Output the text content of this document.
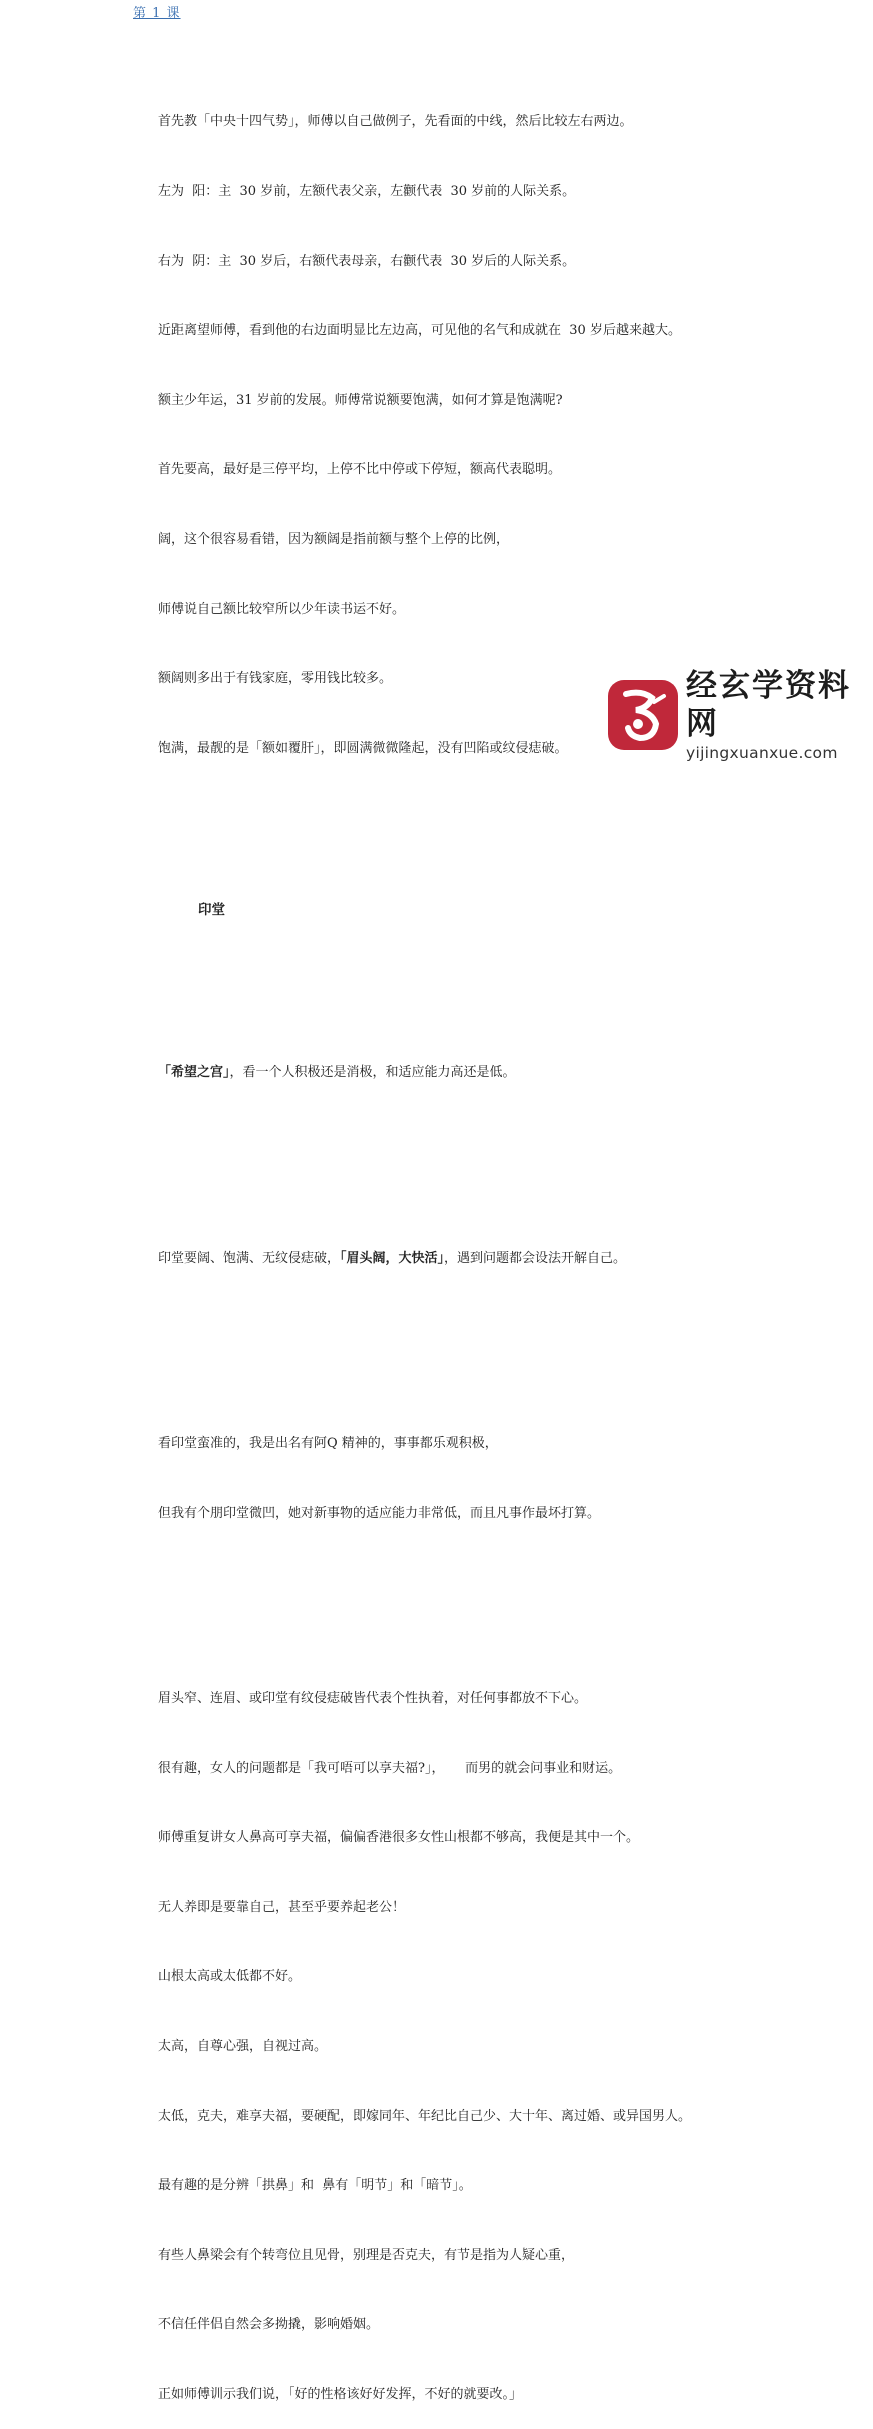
第 1 课

首先教「中央十四气势」，师傅以自己做例子，先看面的中线，然后比较左右两边。

左为  阳：主  30 岁前，左额代表父亲，左颧代表  30 岁前的人际关系。

右为  阴：主  30 岁后，右额代表母亲，右颧代表  30 岁后的人际关系。

近距离望师傅，看到他的右边面明显比左边高，可见他的名气和成就在  30 岁后越来越大。

额主少年运，31 岁前的发展。师傅常说额要饱满，如何才算是饱满呢?

首先要高，最好是三停平均，上停不比中停或下停短，额高代表聪明。

阔，这个很容易看错，因为额阔是指前额与整个上停的比例，

师傅说自己额比较窄所以少年读书运不好。

额阔则多出于有钱家庭，零用钱比较多。

饱满，最靓的是「额如覆肝」，即圆满微微隆起，没有凹陷或纹侵痣破。

印堂

「希望之宫」，看一个人积极还是消极，和适应能力高还是低。

印堂要阔、饱满、无纹侵痣破，「眉头阔，大快活」，遇到问题都会设法开解自己。

看印堂蛮准的，我是出名有阿Q 精神的，事事都乐观积极，

但我有个朋印堂微凹，她对新事物的适应能力非常低，而且凡事作最坏打算。

眉头窄、连眉、或印堂有纹侵痣破皆代表个性执着，对任何事都放不下心。

很有趣，女人的问题都是「我可唔可以享夫福?」，     而男的就会问事业和财运。

师傅重复讲女人鼻高可享夫福，偏偏香港很多女性山根都不够高，我便是其中一个。

无人养即是要靠自己，甚至乎要养起老公！

山根太高或太低都不好。

太高，自尊心强，自视过高。

太低，克夫，难享夫福，要硬配，即嫁同年、年纪比自己少、大十年、离过婚、或异国男人。

最有趣的是分辨「拱鼻」和  鼻有「明节」和「暗节」。

有些人鼻梁会有个转弯位且见骨，别理是否克夫，有节是指为人疑心重，

不信任伴侣自然会多拗撬，影响婚姻。

正如师傅训示我们说，「好的性格该好好发挥，不好的就要改。」

经玄学资料网
yijingxuanxue.com
